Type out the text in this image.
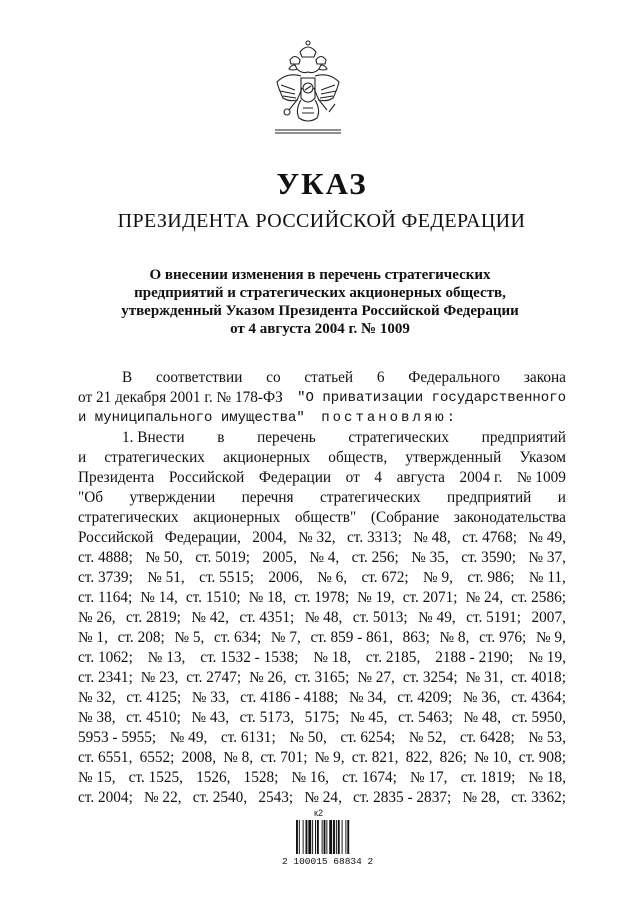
УКАЗ
ПРЕЗИДЕНТА РОССИЙСКОЙ ФЕДЕРАЦИИ
О внесении изменения в перечень стратегических
предприятий и стратегических акционерных обществ,
утвержденный Указом Президента Российской Федерации
от 4 августа 2004 г. № 1009
В соответствии со статьей 6 Федерального закона
от 21 декабря 2001 г. № 178-ФЗ "О приватизации государственного
и муниципального имущества" постановляю:
1. Внести в перечень стратегических предприятий
и стратегических акционерных обществ, утвержденный Указом
Президента Российской Федерации от 4 августа 2004 г. № 1009
"Об утверждении перечня стратегических предприятий и
стратегических акционерных обществ" (Собрание законодательства
Российской Федерации, 2004, № 32, ст. 3313; № 48, ст. 4768; № 49,
ст. 4888; № 50, ст. 5019; 2005, № 4, ст. 256; № 35, ст. 3590; № 37,
ст. 3739; № 51, ст. 5515; 2006, № 6, ст. 672; № 9, ст. 986; № 11,
ст. 1164; № 14, ст. 1510; № 18, ст. 1978; № 19, ст. 2071; № 24, ст. 2586;
№ 26, ст. 2819; № 42, ст. 4351; № 48, ст. 5013; № 49, ст. 5191; 2007,
№ 1, ст. 208; № 5, ст. 634; № 7, ст. 859 - 861, 863; № 8, ст. 976; № 9,
ст. 1062; № 13, ст. 1532 - 1538; № 18, ст. 2185, 2188 - 2190; № 19,
ст. 2341; № 23, ст. 2747; № 26, ст. 3165; № 27, ст. 3254; № 31, ст. 4018;
№ 32, ст. 4125; № 33, ст. 4186 - 4188; № 34, ст. 4209; № 36, ст. 4364;
№ 38, ст. 4510; № 43, ст. 5173, 5175; № 45, ст. 5463; № 48, ст. 5950,
5953 - 5955; № 49, ст. 6131; № 50, ст. 6254; № 52, ст. 6428; № 53,
ст. 6551, 6552; 2008, № 8, ст. 701; № 9, ст. 821, 822, 826; № 10, ст. 908;
№ 15, ст. 1525, 1526, 1528; № 16, ст. 1674; № 17, ст. 1819; № 18,
ст. 2004; № 22, ст. 2540, 2543; № 24, ст. 2835 - 2837; № 28, ст. 3362;
к2
2 100015 68834 2
